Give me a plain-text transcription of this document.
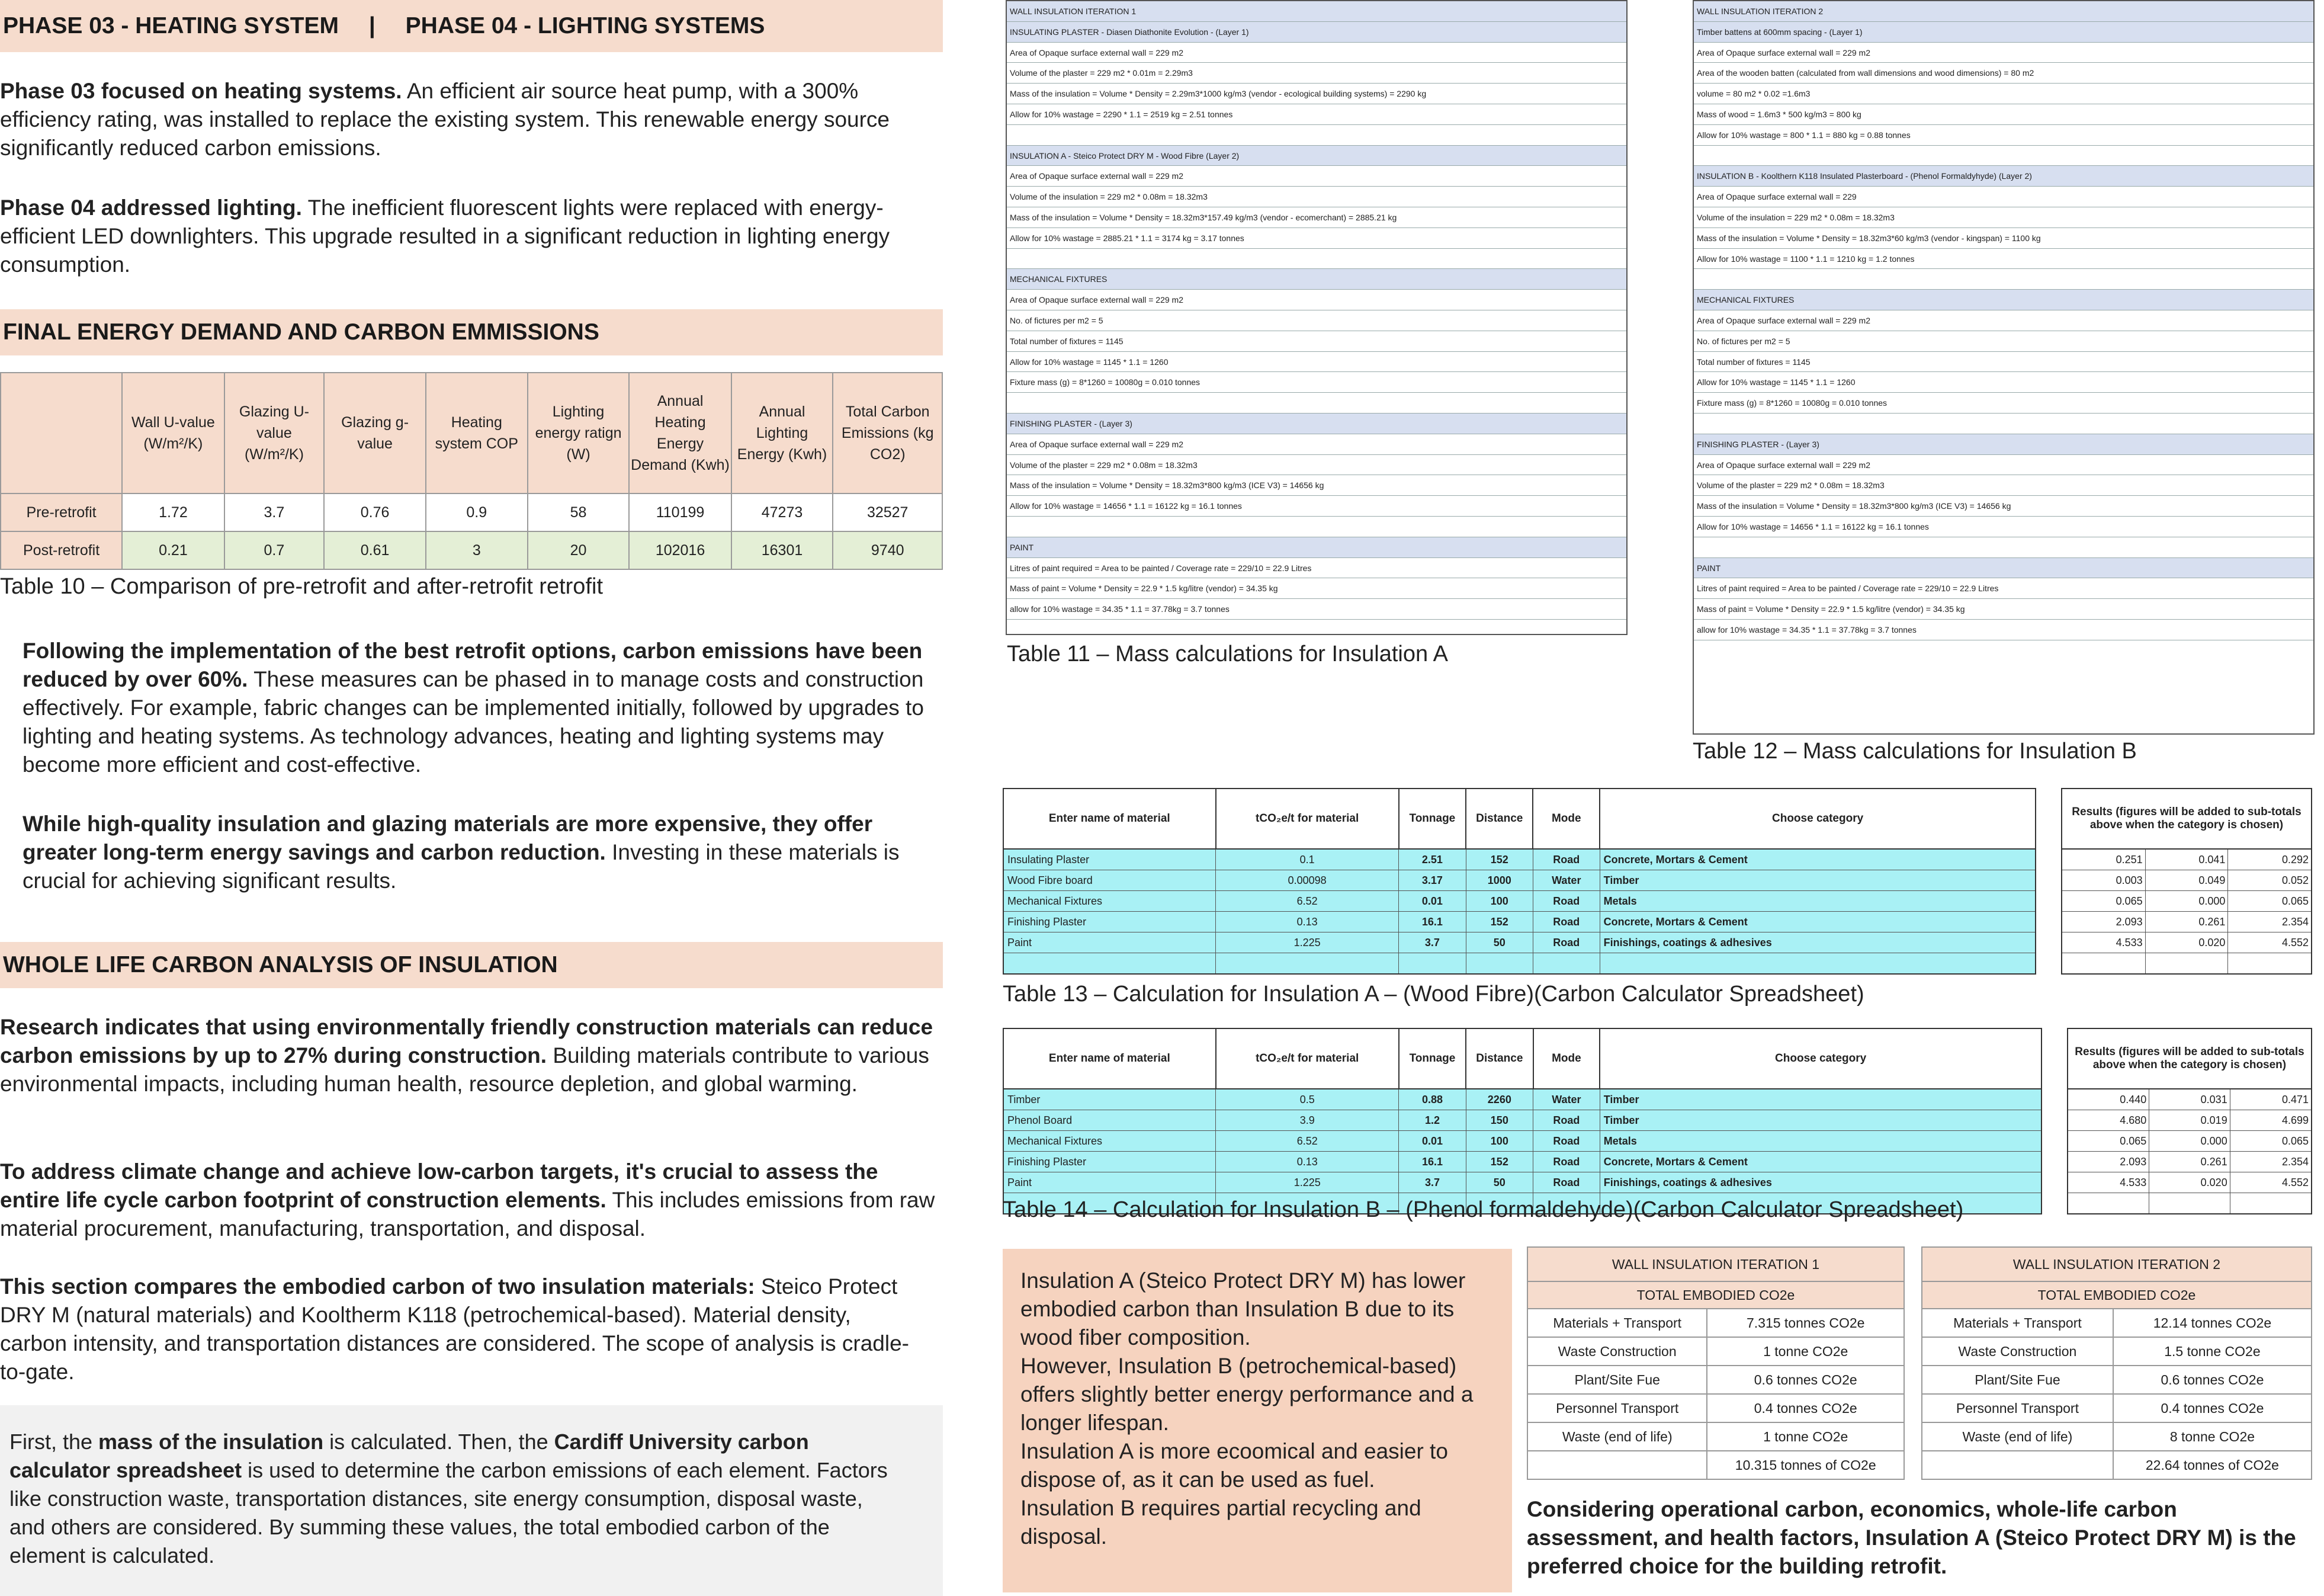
PHASE 03 - HEATING SYSTEM | PHASE 04 - LIGHTING SYSTEMS

Phase 03 focused on heating systems. An efficient air source heat pump, with a 300% efficiency rating, was installed to replace the existing system. This renewable energy source significantly reduced carbon emissions.

Phase 04 addressed lighting. The inefficient fluorescent lights were replaced with energy-efficient LED downlighters. This upgrade resulted in a significant reduction in lighting energy consumption.

FINAL ENERGY DEMAND AND CARBON EMMISSIONS
	Wall U-value (W/m²/K)	Glazing U-value (W/m²/K)	Glazing g-value	Heating system COP	Lighting energy ratign (W)	Annual Heating Energy Demand (Kwh)	Annual Lighting Energy (Kwh)	Total Carbon Emissions (kg CO2)
Pre-retrofit	1.72	3.7	0.76	0.9	58	110199	47273	32527
Post-retrofit	0.21	0.7	0.61	3	20	102016	16301	9740
Table 10 – Comparison of pre-retrofit and after-retrofit retrofit

Following the implementation of the best retrofit options, carbon emissions have been reduced by over 60%. These measures can be phased in to manage costs and construction effectively. For example, fabric changes can be implemented initially, followed by upgrades to lighting and heating systems. As technology advances, heating and lighting systems may become more efficient and cost-effective.

While high-quality insulation and glazing materials are more expensive, they offer greater long-term energy savings and carbon reduction. Investing in these materials is crucial for achieving significant results.

WHOLE LIFE CARBON ANALYSIS OF INSULATION

Research indicates that using environmentally friendly construction materials can reduce carbon emissions by up to 27% during construction. Building materials contribute to various environmental impacts, including human health, resource depletion, and global warming.

To address climate change and achieve low-carbon targets, it's crucial to assess the entire life cycle carbon footprint of construction elements. This includes emissions from raw material procurement, manufacturing, transportation, and disposal.

This section compares the embodied carbon of two insulation materials: Steico Protect DRY M (natural materials) and Kooltherm K118 (petrochemical-based). Material density, carbon intensity, and transportation distances are considered. The scope of analysis is cradle-to-gate.

First, the mass of the insulation is calculated. Then, the Cardiff University carbon calculator spreadsheet is used to determine the carbon emissions of each element. Factors like construction waste, transportation distances, site energy consumption, disposal waste, and others are considered. By summing these values, the total embodied carbon of the element is calculated.

WALL INSULATION ITERATION 1
INSULATING PLASTER - Diasen Diathonite Evolution - (Layer 1)
Area of Opaque surface external wall = 229 m2
Volume of the plaster = 229 m2 * 0.01m = 2.29m3
Mass of the insulation = Volume * Density = 2.29m3*1000 kg/m3 (vendor - ecological building systems) = 2290 kg
Allow for 10% wastage = 2290 * 1.1 = 2519 kg = 2.51 tonnes
INSULATION A - Steico Protect DRY M - Wood Fibre (Layer 2)
Area of Opaque surface external wall = 229 m2
Volume of the insulation = 229 m2 * 0.08m = 18.32m3
Mass of the insulation = Volume * Density = 18.32m3*157.49 kg/m3 (vendor - ecomerchant) = 2885.21 kg
Allow for 10% wastage = 2885.21 * 1.1 = 3174 kg = 3.17 tonnes
MECHANICAL FIXTURES
Area of Opaque surface external wall = 229 m2
No. of fictures per m2 = 5
Total number of fixtures = 1145
Allow for 10% wastage = 1145 * 1.1 = 1260
Fixture mass (g) = 8*1260 = 10080g = 0.010 tonnes
FINISHING PLASTER - (Layer 3)
Area of Opaque surface external wall = 229 m2
Volume of the plaster = 229 m2 * 0.08m = 18.32m3
Mass of the insulation = Volume * Density = 18.32m3*800 kg/m3 (ICE V3) = 14656 kg
Allow for 10% wastage = 14656 * 1.1 = 16122 kg = 16.1 tonnes
PAINT
Litres of paint required = Area to be painted / Coverage rate = 229/10 = 22.9 Litres
Mass of paint = Volume * Density = 22.9 * 1.5 kg/litre (vendor) = 34.35 kg
allow for 10% wastage = 34.35 * 1.1 = 37.78kg = 3.7 tonnes
Table 11 – Mass calculations for Insulation A
WALL INSULATION ITERATION 2
Timber battens at 600mm spacing - (Layer 1)
Area of Opaque surface external wall = 229 m2
Area of the wooden batten (calculated from wall dimensions and wood dimensions) = 80 m2
volume = 80 m2 * 0.02 =1.6m3
Mass of wood = 1.6m3 * 500 kg/m3 = 800 kg
Allow for 10% wastage = 800 * 1.1 = 880 kg = 0.88 tonnes
INSULATION B - Koolthern K118 Insulated Plasterboard - (Phenol Formaldyhyde) (Layer 2)
Area of Opaque surface external wall = 229
Volume of the insulation = 229 m2 * 0.08m = 18.32m3
Mass of the insulation = Volume * Density = 18.32m3*60 kg/m3 (vendor - kingspan) = 1100 kg
Allow for 10% wastage = 1100 * 1.1 = 1210 kg = 1.2 tonnes
MECHANICAL FIXTURES
Area of Opaque surface external wall = 229 m2
No. of fictures per m2 = 5
Total number of fixtures = 1145
Allow for 10% wastage = 1145 * 1.1 = 1260
Fixture mass (g) = 8*1260 = 10080g = 0.010 tonnes
FINISHING PLASTER - (Layer 3)
Area of Opaque surface external wall = 229 m2
Volume of the plaster = 229 m2 * 0.08m = 18.32m3
Mass of the insulation = Volume * Density = 18.32m3*800 kg/m3 (ICE V3) = 14656 kg
Allow for 10% wastage = 14656 * 1.1 = 16122 kg = 16.1 tonnes
PAINT
Litres of paint required = Area to be painted / Coverage rate = 229/10 = 22.9 Litres
Mass of paint = Volume * Density = 22.9 * 1.5 kg/litre (vendor) = 34.35 kg
allow for 10% wastage = 34.35 * 1.1 = 37.78kg = 3.7 tonnes
Table 12 – Mass calculations for Insulation B
Enter name of material	tCO₂e/t for material	Tonnage	Distance	Mode	Choose category
Insulating Plaster	0.1	2.51	152	Road	Concrete, Mortars & Cement
Wood Fibre board	0.00098	3.17	1000	Water	Timber
Mechanical Fixtures	6.52	0.01	100	Road	Metals
Finishing Plaster	0.13	16.1	152	Road	Concrete, Mortars & Cement
Paint	1.225	3.7	50	Road	Finishings, coatings & adhesives

Results (figures will be added to sub-totals above when the category is chosen)		
0.251	0.041	0.292
0.003	0.049	0.052
0.065	0.000	0.065
2.093	0.261	2.354
4.533	0.020	4.552

Table 13 – Calculation for Insulation A – (Wood Fibre)(Carbon Calculator Spreadsheet)
Enter name of material	tCO₂e/t for material	Tonnage	Distance	Mode	Choose category
Timber	0.5	0.88	2260	Water	Timber
Phenol Board	3.9	1.2	150	Road	Timber
Mechanical Fixtures	6.52	0.01	100	Road	Metals
Finishing Plaster	0.13	16.1	152	Road	Concrete, Mortars & Cement
Paint	1.225	3.7	50	Road	Finishings, coatings & adhesives

Results (figures will be added to sub-totals above when the category is chosen)		
0.440	0.031	0.471
4.680	0.019	4.699
0.065	0.000	0.065
2.093	0.261	2.354
4.533	0.020	4.552

Table 14 – Calculation for Insulation B – (Phenol formaldehyde)(Carbon Calculator Spreadsheet)
Insulation A (Steico Protect DRY M) has lower embodied carbon than Insulation B due to its wood fiber composition.
However, Insulation B (petrochemical-based) offers slightly better energy performance and a longer lifespan.
Insulation A is more ecoomical and easier to dispose of, as it can be used as fuel.
Insulation B requires partial recycling and disposal.
WALL INSULATION ITERATION 1	
TOTAL EMBODIED CO2e	
Materials + Transport	7.315 tonnes CO2e
Waste Construction	1 tonne CO2e
Plant/Site Fue	0.6 tonnes CO2e
Personnel Transport	0.4 tonnes CO2e
Waste (end of life)	1 tonne CO2e
	10.315 tonnes of CO2e
WALL INSULATION ITERATION 2	
TOTAL EMBODIED CO2e	
Materials + Transport	12.14 tonnes CO2e
Waste Construction	1.5 tonne CO2e
Plant/Site Fue	0.6 tonnes CO2e
Personnel Transport	0.4 tonnes CO2e
Waste (end of life)	8 tonne CO2e
	22.64 tonnes of CO2e

Considering operational carbon, economics, whole-life carbon assessment, and health factors, Insulation A (Steico Protect DRY M) is the preferred choice for the building retrofit.
